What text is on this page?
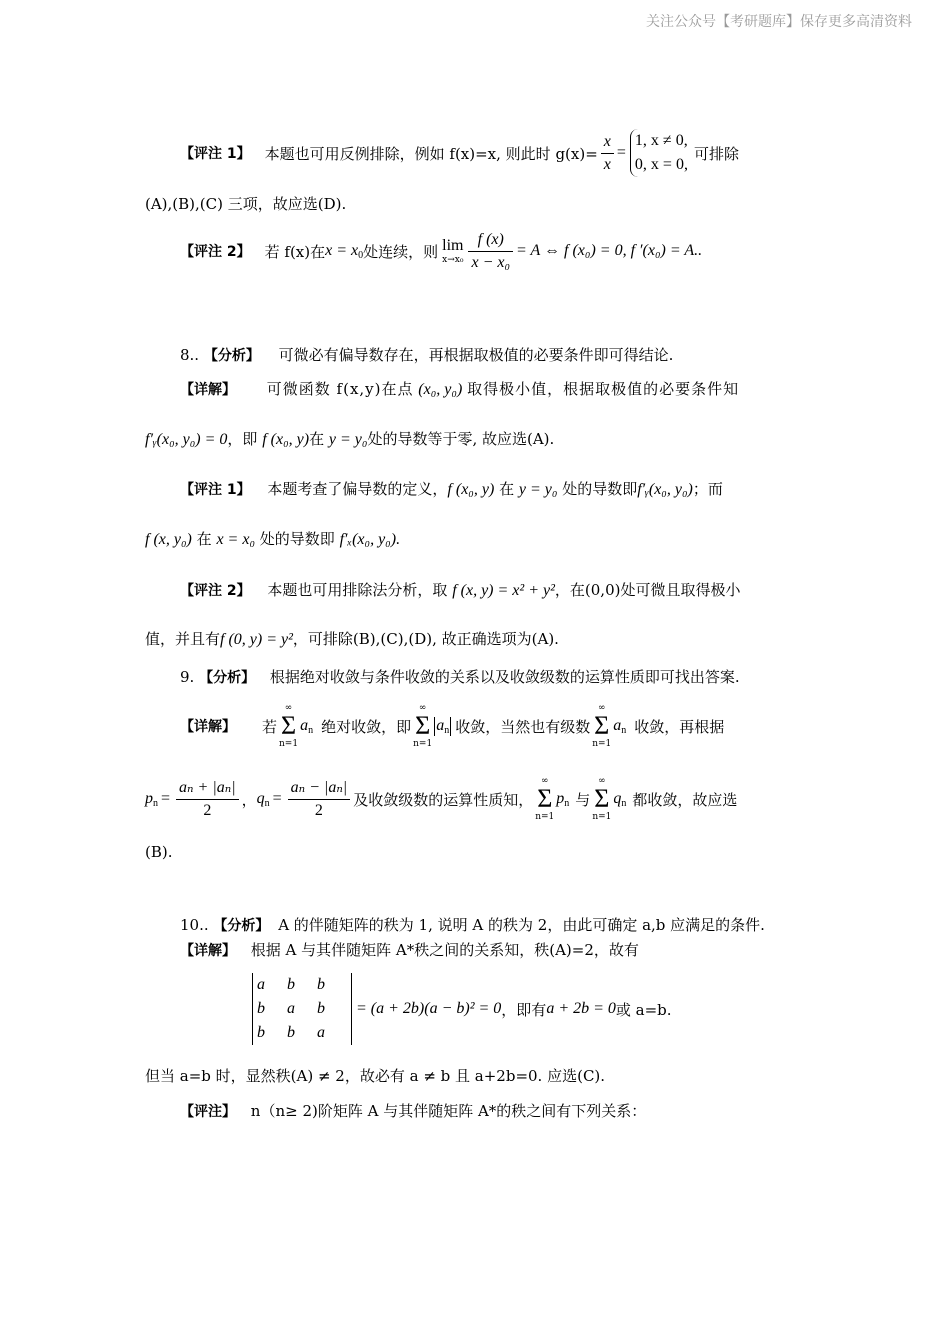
关注公众号【考研题库】保存更多高清资料
【评注 1】 本题也可用反例排除，例如 f(x)=x, 则此时 $g(x)= \frac{x}{x}$ =
1, x ≠ 0,
0, x = 0,
可排除
(A),(B),(C) 三项，故应选(D).
【评注 2】 若 f(x)在 $x = x_0$ 处连续，则 lim
$x\to x_0 \frac{f (x)}{\text{x − x₀}} = A$ ⇔ f (x₀) = 0, f ′(x₀) = A..
8.. 【分析】 可微必有偏导数存在，再根据取极值的必要条件即可得结论.
【详解】 可微函数 f(x,y)在点 (x₀, y₀) 取得极小值，根据取极值的必要条件知
f′ᵧ(x₀, y₀) = 0，即 f (x₀, y)在 y = y₀处的导数等于零, 故应选(A).
【评注 1】 本题考查了偏导数的定义，f (x₀, y) 在 y = y₀ 处的导数即f′ᵧ(x₀, y₀)；而
f (x, y₀) 在 x = x₀ 处的导数即 f′ₓ(x₀, y₀).
【评注 2】 本题也可用排除法分析，取 f (x, y) = x² + y²，在(0,0)处可微且取得极小
值，并且有f (0, y) = y²，可排除(B),(C),(D), 故正确选项为(A).
9. 【分析】 根据绝对收敛与条件收敛的关系以及收敛级数的运算性质即可找出答案.
【详解】 若
∞
Σ
n=1
$a_n$ 绝对收敛，即
∞
Σ
n=1
$a_n$ 收敛，当然也有级数
∞
Σ
n=1
$a_n$ 收敛，再根据
$p_n = \frac{\text{aₙ + |aₙ|}}{2}$ ， $q_n = \frac{\text{aₙ − |aₙ|}}{2}$ 及收敛级数的运算性质知，
∞
Σ
n=1
$p_n$ 与
∞
Σ
n=1
$q_n$ 都收敛，故应选
(B).
10.. 【分析】 A 的伴随矩阵的秩为 1, 说明 A 的秩为 2，由此可确定 a,b 应满足的条件.
【详解】 根据 A 与其伴随矩阵 A*秩之间的关系知，秩(A)=2，故有
a	b	b
b	a	b
b	b	a
= (a + 2b)(a − b)² = 0 ，即有 a + 2b = 0 或 a=b.
但当 a=b 时，显然秩(A) ≠ 2，故必有 a ≠ b 且 a+2b=0. 应选(C).
【评注】 n（n≥ 2)阶矩阵 A 与其伴随矩阵 A*的秩之间有下列关系：
